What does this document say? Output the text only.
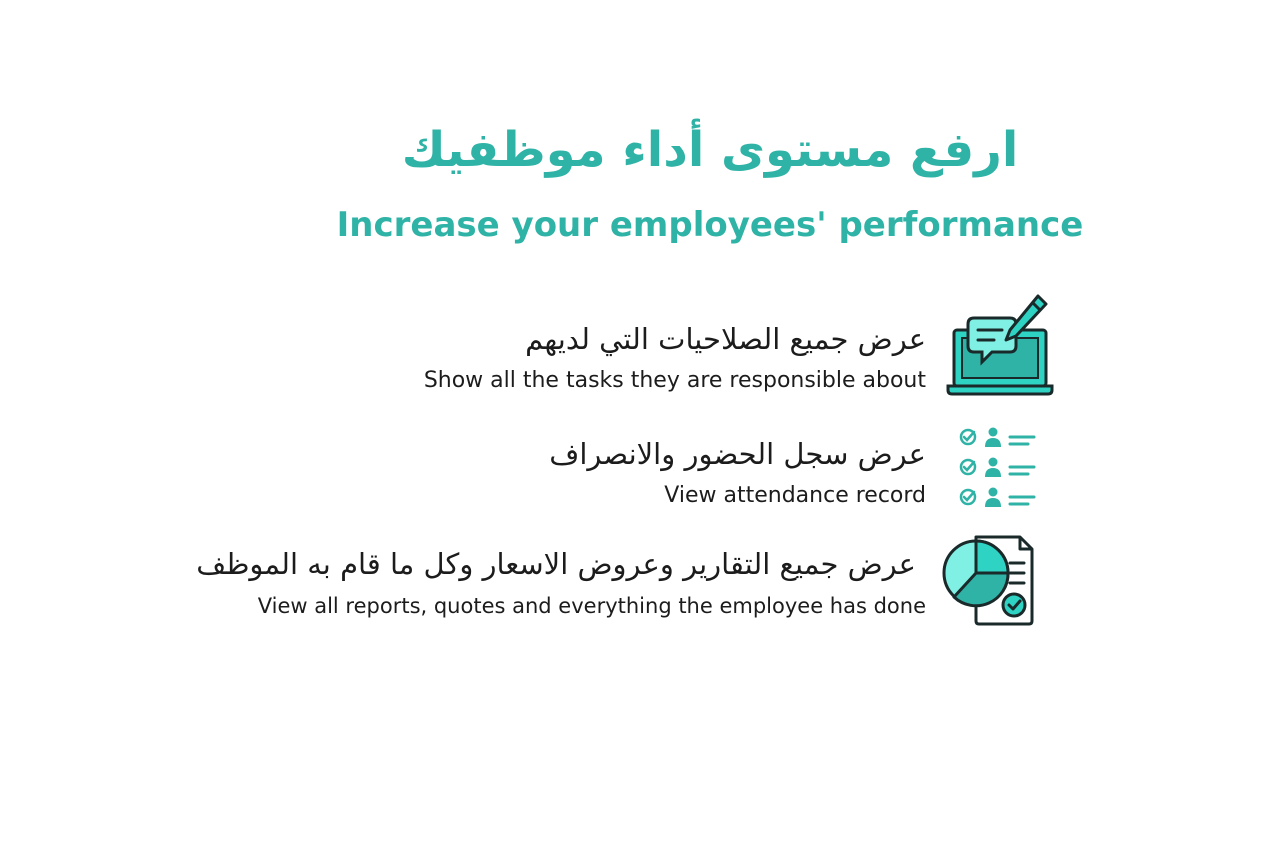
ارفع مستوى أداء موظفيك
Increase your employees' performance
عرض جميع الصلاحيات التي لديهم
Show all the tasks they are responsible about
عرض سجل الحضور والانصراف
View attendance record
عرض جميع التقارير وعروض الاسعار وكل ما قام به الموظف
View all reports, quotes and everything the employee has done
